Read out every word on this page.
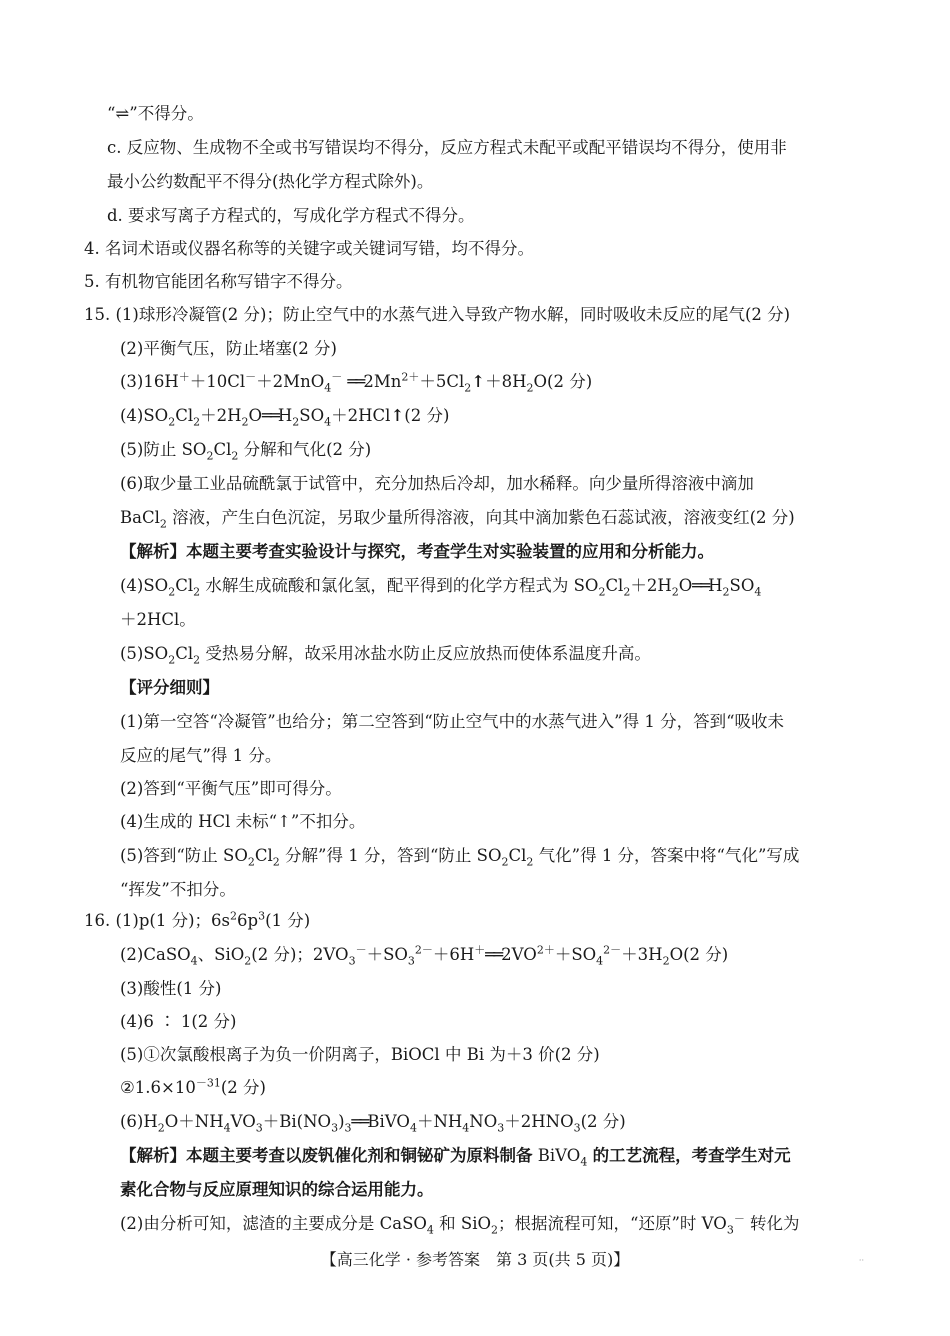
“⇌”不得分。
c. 反应物、生成物不全或书写错误均不得分，反应方程式未配平或配平错误均不得分，使用非
最小公约数配平不得分(热化学方程式除外)。
d. 要求写离子方程式的，写成化学方程式不得分。
4. 名词术语或仪器名称等的关键字或关键词写错，均不得分。
5. 有机物官能团名称写错字不得分。
15. (1)球形冷凝管(2 分)；防止空气中的水蒸气进入导致产物水解，同时吸收未反应的尾气(2 分)
(2)平衡气压，防止堵塞(2 分)
(3)16H＋＋10Cl－＋2MnO$_4$－ $══2Mn^{2+}+5Cl_2↑+8H_2O(2$ 分)
$(4)SO_2Cl_2+2H_2O══H_2SO_4+2HCl↑(2$ 分)
(5)防止 $SO_2Cl_2$ 分解和气化(2 分)
(6)取少量工业品硫酰氯于试管中，充分加热后冷却，加水稀释。向少量所得溶液中滴加
BaCl$_2$ 溶液，产生白色沉淀，另取少量所得溶液，向其中滴加紫色石蕊试液，溶液变红(2 分)
【解析】本题主要考查实验设计与探究，考查学生对实验装置的应用和分析能力。
$(4)SO_2Cl_2$ 水解生成硫酸和氯化氢，配平得到的化学方程式为 $SO_2Cl_2+2H_2O══H_2SO_4$
＋2HCl。
$(5)SO_2Cl_2$ 受热易分解，故采用冰盐水防止反应放热而使体系温度升高。
【评分细则】
(1)第一空答“冷凝管”也给分；第二空答到“防止空气中的水蒸气进入”得 1 分，答到“吸收未
反应的尾气”得 1 分。
(2)答到“平衡气压”即可得分。
(4)生成的 HCl 未标“↑”不扣分。
(5)答到“防止 $SO_2Cl_2$ 分解”得 1 分，答到“防止 $SO_2Cl_2$ 气化”得 1 分，答案中将“气化”写成
“挥发”不扣分。
16. (1)p(1 分)；$6s^26p^3(1$ 分)
(2)CaSO$_4$、SiO$_2$(2 分)；$2VO_3^-+SO_3^{2-}+6H^+══2VO^{2+}+SO_4^{2-}+3H_2O(2$ 分)
(3)酸性(1 分)
(4)6 ∶ 1(2 分)
(5)①次氯酸根离子为负一价阴离子，BiOCl 中 Bi 为＋3 价(2 分)
$②1.6\times 10^{-31}(2$ 分)
$(6)H_2O+NH_4VO_3+Bi(NO_3)_3══BiVO_4+NH_4NO_3+2HNO_3(2$ 分)
【解析】本题主要考查以废钒催化剂和铜铋矿为原料制备 BiVO$_4$ 的工艺流程，考查学生对元
素化合物与反应原理知识的综合运用能力。
(2)由分析可知，滤渣的主要成分是 CaSO$_4$ 和 SiO$_2$；根据流程可知，“还原”时 $VO_3^-$ 转化为
【高三化学 · 参考答案　第 3 页(共 5 页)】	··
